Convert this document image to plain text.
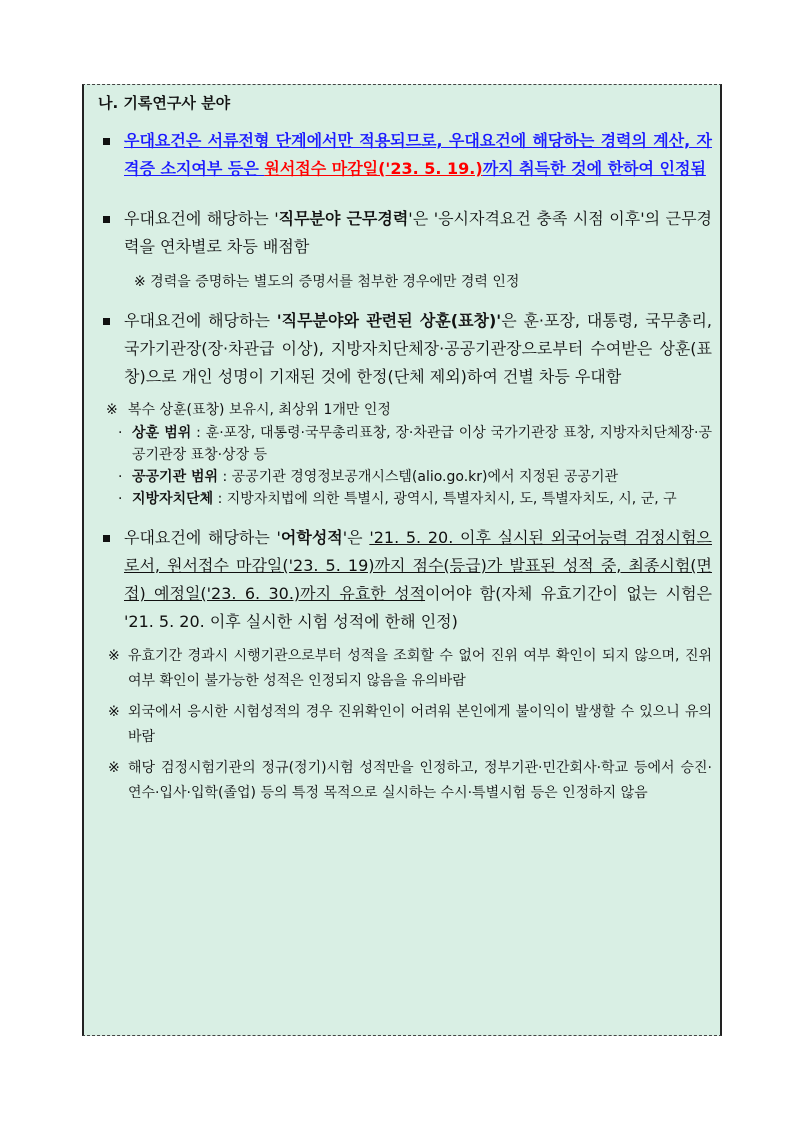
나. 기록연구사 분야
우대요건은 서류전형 단계에서만 적용되므로, 우대요건에 해당하는 경력의 계산, 자격증 소지여부 등은 원서접수 마감일('23. 5. 19.)까지 취득한 것에 한하여 인정됨
우대요건에 해당하는 '직무분야 근무경력'은 '응시자격요건 충족 시점 이후'의 근무경력을 연차별로 차등 배점함
※ 경력을 증명하는 별도의 증명서를 첨부한 경우에만 경력 인정
우대요건에 해당하는 '직무분야와 관련된 상훈(표창)'은 훈·포장, 대통령, 국무총리, 국가기관장(장·차관급 이상), 지방자치단체장·공공기관장으로부터 수여받은 상훈(표창)으로 개인 성명이 기재된 것에 한정(단체 제외)하여 건별 차등 우대함
※ 복수 상훈(표창) 보유시, 최상위 1개만 인정
· 상훈 범위 : 훈·포장, 대통령·국무총리표창, 장·차관급 이상 국가기관장 표창, 지방자치단체장·공공기관장 표창·상장 등
· 공공기관 범위 : 공공기관 경영정보공개시스템(alio.go.kr)에서 지정된 공공기관
· 지방자치단체 : 지방자치법에 의한 특별시, 광역시, 특별자치시, 도, 특별자치도, 시, 군, 구
우대요건에 해당하는 '어학성적'은 '21. 5. 20. 이후 실시된 외국어능력 검정시험으로서, 원서접수 마감일('23. 5. 19)까지 점수(등급)가 발표된 성적 중, 최종시험(면접) 예정일('23. 6. 30.)까지 유효한 성적이어야 함(자체 유효기간이 없는 시험은 '21. 5. 20. 이후 실시한 시험 성적에 한해 인정)
※ 유효기간 경과시 시행기관으로부터 성적을 조회할 수 없어 진위 여부 확인이 되지 않으며, 진위 여부 확인이 불가능한 성적은 인정되지 않음을 유의바람
※ 외국에서 응시한 시험성적의 경우 진위확인이 어려워 본인에게 불이익이 발생할 수 있으니 유의바람
※ 해당 검정시험기관의 정규(정기)시험 성적만을 인정하고, 정부기관·민간회사·학교 등에서 승진·연수·입사·입학(졸업) 등의 특정 목적으로 실시하는 수시·특별시험 등은 인정하지 않음
